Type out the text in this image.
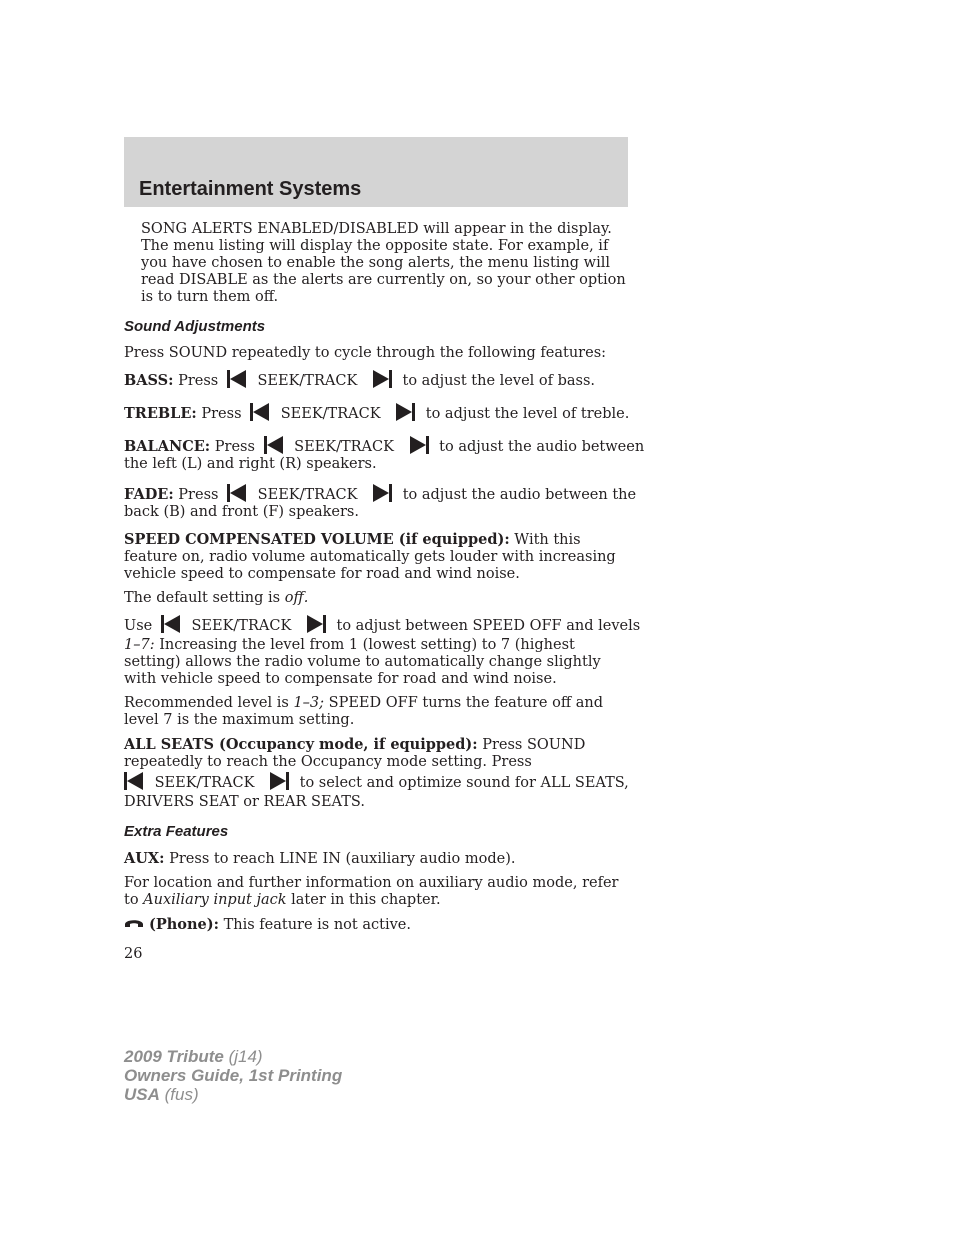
Entertainment Systems

SONG ALERTS ENABLED/DISABLED will appear in the display. The menu listing will display the opposite state. For example, if you have chosen to enable the song alerts, the menu listing will read DISABLE as the alerts are currently on, so your other option is to turn them off.

Sound Adjustments

Press SOUND repeatedly to cycle through the following features:

BASS: Press	SEEK/TRACK	to adjust the level of bass.

TREBLE: Press	SEEK/TRACK	to adjust the level of treble.

BALANCE: Press	SEEK/TRACK	to adjust the audio between
the left (L) and right (R) speakers.

FADE: Press	SEEK/TRACK	to adjust the audio between the
back (B) and front (F) speakers.

SPEED COMPENSATED VOLUME (if equipped): With this feature on, radio volume automatically gets louder with increasing vehicle speed to compensate for road and wind noise.

The default setting is off.

Use	SEEK/TRACK	to adjust between SPEED OFF and levels
1–7: Increasing the level from 1 (lowest setting) to 7 (highest setting) allows the radio volume to automatically change slightly with vehicle speed to compensate for road and wind noise.

Recommended level is 1–3; SPEED OFF turns the feature off and level 7 is the maximum setting.

ALL SEATS (Occupancy mode, if equipped): Press SOUND repeatedly to reach the Occupancy mode setting. Press
SEEK/TRACK	to select and optimize sound for ALL SEATS,
DRIVERS SEAT or REAR SEATS.

Extra Features

AUX: Press to reach LINE IN (auxiliary audio mode).

For location and further information on auxiliary audio mode, refer to Auxiliary input jack later in this chapter.

(Phone): This feature is not active.

26

2009 Tribute (j14)
Owners Guide, 1st Printing
USA (fus)
